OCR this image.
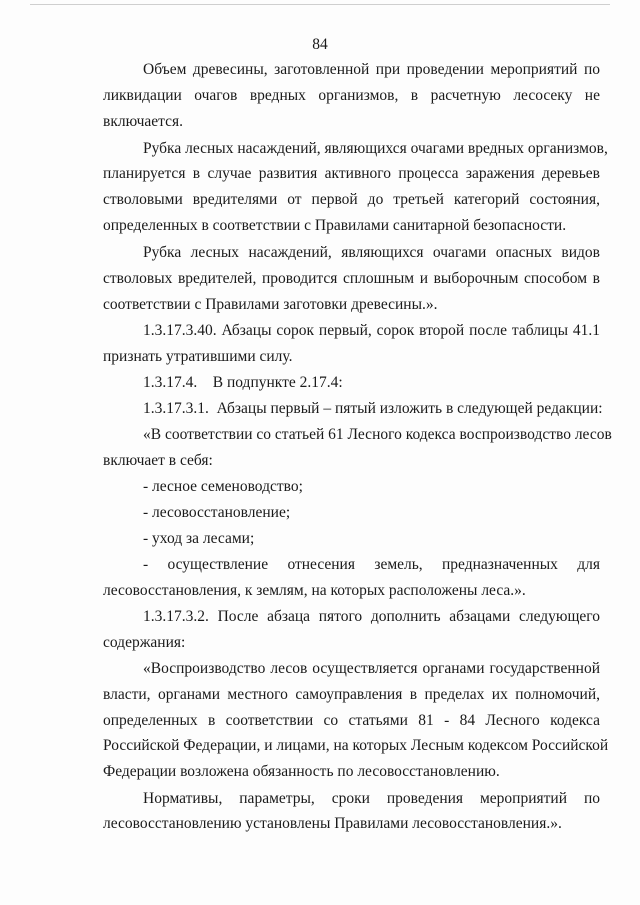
84

Объем древесины, заготовленной при проведении мероприятий по

ликвидации очагов вредных организмов, в расчетную лесосеку не

включается.

Рубка лесных насаждений, являющихся очагами вредных организмов,

планируется в случае развития активного процесса заражения деревьев

стволовыми вредителями от первой до третьей категорий состояния,

определенных в соответствии с Правилами санитарной безопасности.

Рубка лесных насаждений, являющихся очагами опасных видов

стволовых вредителей, проводится сплошным и выборочным способом в

соответствии с Правилами заготовки древесины.».

1.3.17.3.40. Абзацы сорок первый, сорок второй после таблицы 41.1

признать утратившими силу.

1.3.17.4.    В подпункте 2.17.4:

1.3.17.3.1.  Абзацы первый – пятый изложить в следующей редакции:

«В соответствии со статьей 61 Лесного кодекса воспроизводство лесов

включает в себя:

- лесное семеноводство;

- лесовосстановление;

- уход за лесами;

- осуществление отнесения земель, предназначенных для

лесовосстановления, к землям, на которых расположены леса.».

1.3.17.3.2. После абзаца пятого дополнить абзацами следующего

содержания:

«Воспроизводство лесов осуществляется органами государственной

власти, органами местного самоуправления в пределах их полномочий,

определенных в соответствии со статьями 81 - 84 Лесного кодекса

Российской Федерации, и лицами, на которых Лесным кодексом Российской

Федерации возложена обязанность по лесовосстановлению.

Нормативы, параметры, сроки проведения мероприятий по

лесовосстановлению установлены Правилами лесовосстановления.».
